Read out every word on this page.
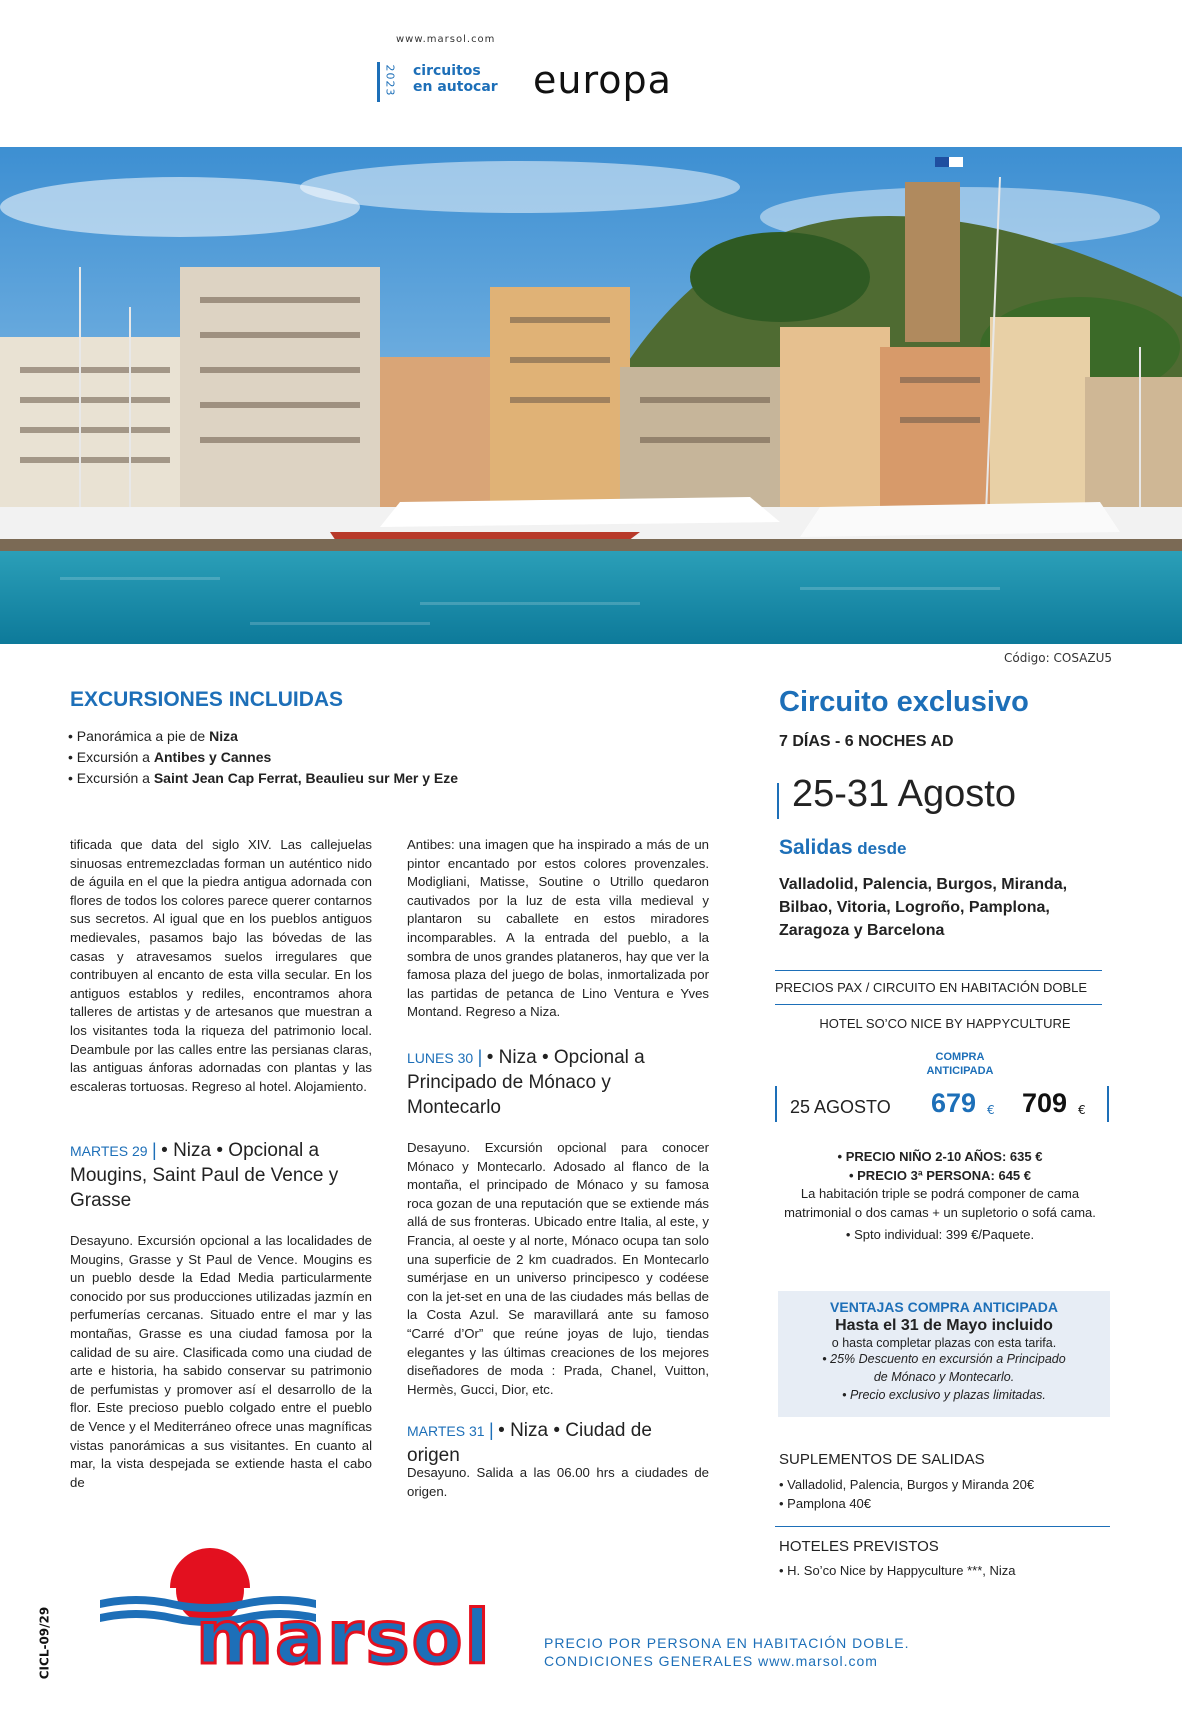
www.marsol.com
2023 circuitos
en autocar europa
Código: COSAZU5
EXCURSIONES INCLUIDAS
• Panorámica a pie de Niza
• Excursión a Antibes y Cannes
• Excursión a Saint Jean Cap Ferrat, Beaulieu sur Mer y Eze

tificada que data del siglo XIV. Las callejuelas sinuosas entremezcladas forman un auténtico nido de águila en el que la piedra antigua adornada con flores de todos los colores parece querer contarnos sus secretos. Al igual que en los pueblos antiguos medievales, pasamos bajo las bóvedas de las casas y atravesamos suelos irregulares que contribuyen al encanto de esta villa secular. En los antiguos establos y rediles, encontramos ahora talleres de artistas y de artesanos que muestran a los visitantes toda la riqueza del patrimonio local. Deambule por las calles entre las persianas claras, las antiguas ánforas adornadas con plantas y las escaleras tortuosas. Regreso al hotel. Alojamiento.

MARTES 29 | • Niza • Opcional a Mougins, Saint Paul de Vence y Grasse

Desayuno. Excursión opcional a las localidades de Mougins, Grasse y St Paul de Vence. Mougins es un pueblo desde la Edad Media particularmente conocido por sus producciones utilizadas jazmín en perfumerías cercanas. Situado entre el mar y las montañas, Grasse es una ciudad famosa por la calidad de su aire. Clasificada como una ciudad de arte e historia, ha sabido conservar su patrimonio de perfumistas y promover así el desarrollo de la flor. Este precioso pueblo colgado entre el pueblo de Vence y el Mediterráneo ofrece unas magníficas vistas panorámicas a sus visitantes. En cuanto al mar, la vista despejada se extiende hasta el cabo de

Antibes: una imagen que ha inspirado a más de un pintor encantado por estos colores provenzales. Modigliani, Matisse, Soutine o Utrillo quedaron cautivados por la luz de esta villa medieval y plantaron su caballete en estos miradores incomparables. A la entrada del pueblo, a la sombra de unos grandes plataneros, hay que ver la famosa plaza del juego de bolas, inmortalizada por las partidas de petanca de Lino Ventura e Yves Montand. Regreso a Niza.

LUNES 30 | • Niza • Opcional a Principado de Mónaco y Montecarlo

Desayuno. Excursión opcional para conocer Mónaco y Montecarlo. Adosado al flanco de la montaña, el principado de Mónaco y su famosa roca gozan de una reputación que se extiende más allá de sus fronteras. Ubicado entre Italia, al este, y Francia, al oeste y al norte, Mónaco ocupa tan solo una superficie de 2 km cuadrados. En Montecarlo sumérjase en un universo principesco y codéese con la jet-set en una de las ciudades más bellas de la Costa Azul. Se maravillará ante su famoso “Carré d’Or” que reúne joyas de lujo, tiendas elegantes y las últimas creaciones de los mejores diseñadores de moda : Prada, Chanel, Vuitton, Hermès, Gucci, Dior, etc.

MARTES 31 | • Niza • Ciudad de origen

Desayuno. Salida a las 06.00 hrs a ciudades de origen.

Circuito exclusivo
7 DÍAS - 6 NOCHES AD
25-31 Agosto
Salidas desde
Valladolid, Palencia, Burgos, Miranda, Bilbao, Vitoria, Logroño, Pamplona, Zaragoza y Barcelona
PRECIOS PAX / CIRCUITO EN HABITACIÓN DOBLE
HOTEL SO’CO NICE BY HAPPYCULTURE
COMPRA
ANTICIPADA
25 AGOSTO 679 € 709 €
• PRECIO NIÑO 2-10 AÑOS: 635 €
• PRECIO 3ª PERSONA: 645 €
La habitación triple se podrá componer de cama matrimonial o dos camas + un supletorio o sofá cama.
• Spto individual: 399 €/Paquete.
VENTAJAS COMPRA ANTICIPADA
Hasta el 31 de Mayo incluido
o hasta completar plazas con esta tarifa.
• 25% Descuento en excursión a Principado de Mónaco y Montecarlo.
• Precio exclusivo y plazas limitadas.
SUPLEMENTOS DE SALIDAS
• Valladolid, Palencia, Burgos y Miranda 20€
• Pamplona 40€
HOTELES PREVISTOS
• H. So’co Nice by Happyculture ***, Niza
CICL-09/29 marsol	PRECIO POR PERSONA EN HABITACIÓN DOBLE.
CONDICIONES GENERALES www.marsol.com
